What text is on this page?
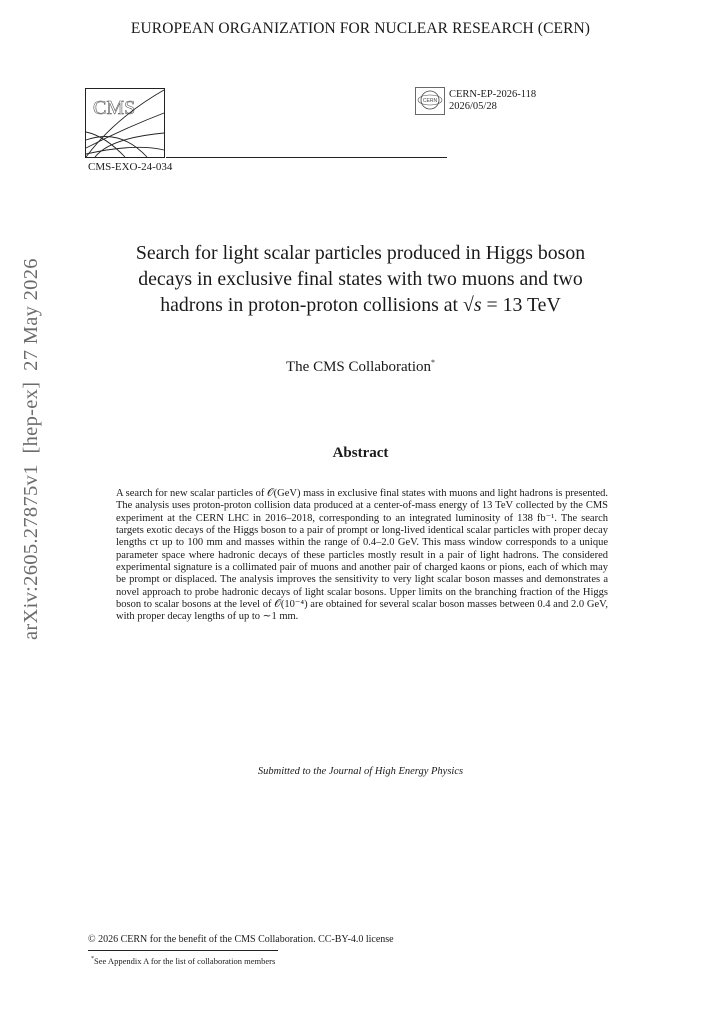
EUROPEAN ORGANIZATION FOR NUCLEAR RESEARCH (CERN)
CMS
CMS-EXO-24-034
CERN
CERN-EP-2026-118
2026/05/28
arXiv:2605.27875v1  [hep-ex]  27 May 2026
Search for light scalar particles produced in Higgs boson
decays in exclusive final states with two muons and two
hadrons in proton-proton collisions at √s = 13 TeV
The CMS Collaboration*
Abstract
A search for new scalar particles of 𝒪(GeV) mass in exclusive final states with muons and light hadrons is presented. The analysis uses proton-proton collision data produced at a center-of-mass energy of 13 TeV collected by the CMS experiment at the CERN LHC in 2016–2018, corresponding to an integrated luminosity of 138 fb⁻¹. The search targets exotic decays of the Higgs boson to a pair of prompt or long-lived identical scalar particles with proper decay lengths cτ up to 100 mm and masses within the range of 0.4–2.0 GeV. This mass window corresponds to a unique parameter space where hadronic decays of these particles mostly result in a pair of light hadrons. The considered experimental signature is a collimated pair of muons and another pair of charged kaons or pions, each of which may be prompt or displaced. The analysis improves the sensitivity to very light scalar boson masses and demonstrates a novel approach to probe hadronic decays of light scalar bosons. Upper limits on the branching fraction of the Higgs boson to scalar bosons at the level of 𝒪(10⁻⁴) are obtained for several scalar boson masses between 0.4 and 2.0 GeV, with proper decay lengths of up to ∼1 mm.
Submitted to the Journal of High Energy Physics
© 2026 CERN for the benefit of the CMS Collaboration. CC-BY-4.0 license
*See Appendix A for the list of collaboration members
